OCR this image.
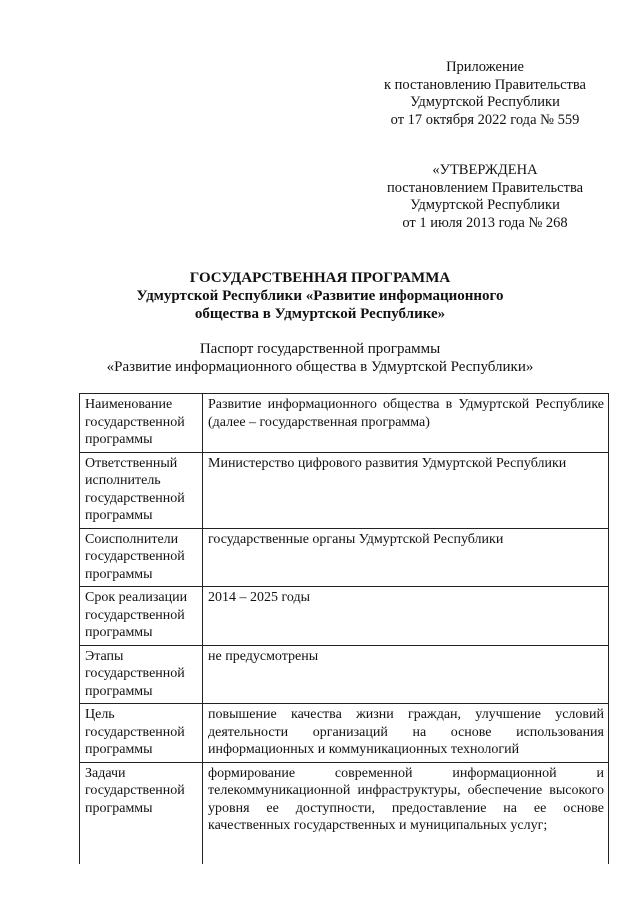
Приложение
к постановлению Правительства
Удмуртской Республики
от 17 октября 2022 года № 559
«УТВЕРЖДЕНА
постановлением Правительства
Удмуртской Республики
от 1 июля 2013 года № 268
ГОСУДАРСТВЕННАЯ ПРОГРАММА
Удмуртской Республики «Развитие информационного
общества в Удмуртской Республике»
Паспорт государственной программы
«Развитие информационного общества в Удмуртской Республики»
Наименование государственной программы	Развитие информационного общества в Удмуртской Республике (далее – государственная программа)
Ответственный исполнитель государственной программы	Министерство цифрового развития Удмуртской Республики
Соисполнители государственной программы	государственные органы Удмуртской Республики
Срок реализации государственной программы	2014 – 2025 годы
Этапы государственной программы	не предусмотрены
Цель государственной программы	повышение качества жизни граждан, улучшение условий деятельности организаций на основе использования информационных и коммуникационных технологий
Задачи государственной программы	формирование современной информационной и телекоммуникационной инфраструктуры, обеспечение высокого уровня ее доступности, предоставление на ее основе качественных государственных и муниципальных услуг;
